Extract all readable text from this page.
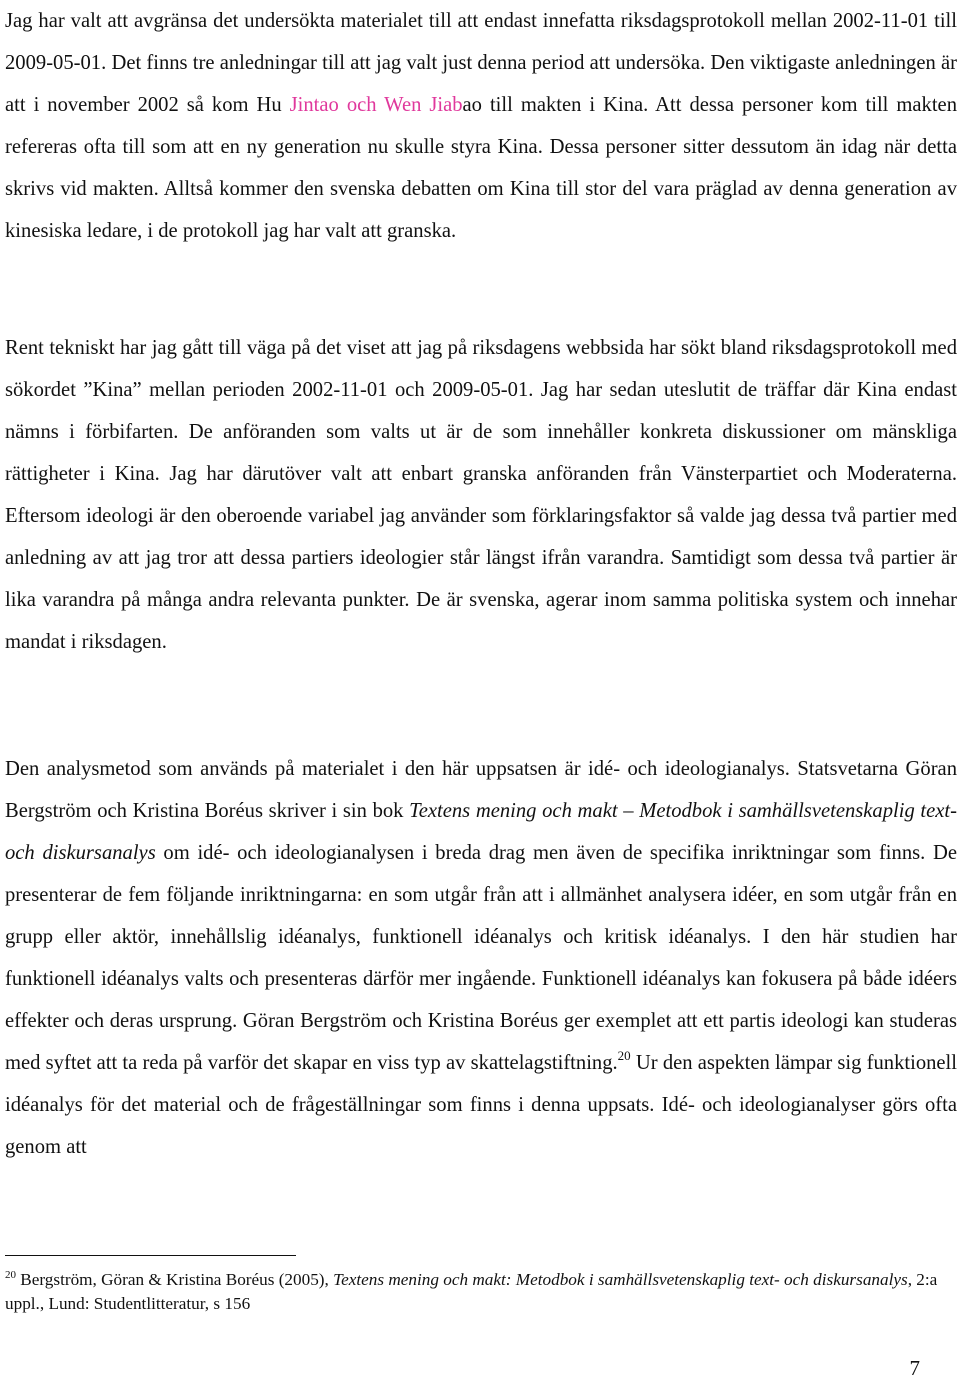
Jag har valt att avgränsa det undersökta materialet till att endast innefatta riksdagsprotokoll mellan 2002-11-01 till 2009-05-01. Det finns tre anledningar till att jag valt just denna period att undersöka. Den viktigaste anledningen är att i november 2002 så kom Hu Jintao och Wen Jiabao till makten i Kina. Att dessa personer kom till makten refereras ofta till som att en ny generation nu skulle styra Kina. Dessa personer sitter dessutom än idag när detta skrivs vid makten. Alltså kommer den svenska debatten om Kina till stor del vara präglad av denna generation av kinesiska ledare, i de protokoll jag har valt att granska.

Rent tekniskt har jag gått till väga på det viset att jag på riksdagens webbsida har sökt bland riksdagsprotokoll med sökordet ”Kina” mellan perioden 2002-11-01 och 2009-05-01. Jag har sedan uteslutit de träffar där Kina endast nämns i förbifarten. De anföranden som valts ut är de som innehåller konkreta diskussioner om mänskliga rättigheter i Kina. Jag har därutöver valt att enbart granska anföranden från Vänsterpartiet och Moderaterna. Eftersom ideologi är den oberoende variabel jag använder som förklaringsfaktor så valde jag dessa två partier med anledning av att jag tror att dessa partiers ideologier står längst ifrån varandra. Samtidigt som dessa två partier är lika varandra på många andra relevanta punkter. De är svenska, agerar inom samma politiska system och innehar mandat i riksdagen.

Den analysmetod som används på materialet i den här uppsatsen är idé- och ideologianalys. Statsvetarna Göran Bergström och Kristina Boréus skriver i sin bok Textens mening och makt – Metodbok i samhällsvetenskaplig text- och diskursanalys om idé- och ideologianalysen i breda drag men även de specifika inriktningar som finns. De presenterar de fem följande inriktningarna: en som utgår från att i allmänhet analysera idéer, en som utgår från en grupp eller aktör, innehållslig idéanalys, funktionell idéanalys och kritisk idéanalys. I den här studien har funktionell idéanalys valts och presenteras därför mer ingående. Funktionell idéanalys kan fokusera på både idéers effekter och deras ursprung. Göran Bergström och Kristina Boréus ger exemplet att ett partis ideologi kan studeras med syftet att ta reda på varför det skapar en viss typ av skattelagstiftning.$^{20}$ Ur den aspekten lämpar sig funktionell idéanalys för det material och de frågeställningar som finns i denna uppsats. Idé- och ideologianalyser görs ofta genom att

$^{20}$ Bergström, Göran & Kristina Boréus (2005), Textens mening och makt: Metodbok i samhällsvetenskaplig text- och diskursanalys, 2:a uppl., Lund: Studentlitteratur, s 156

7
